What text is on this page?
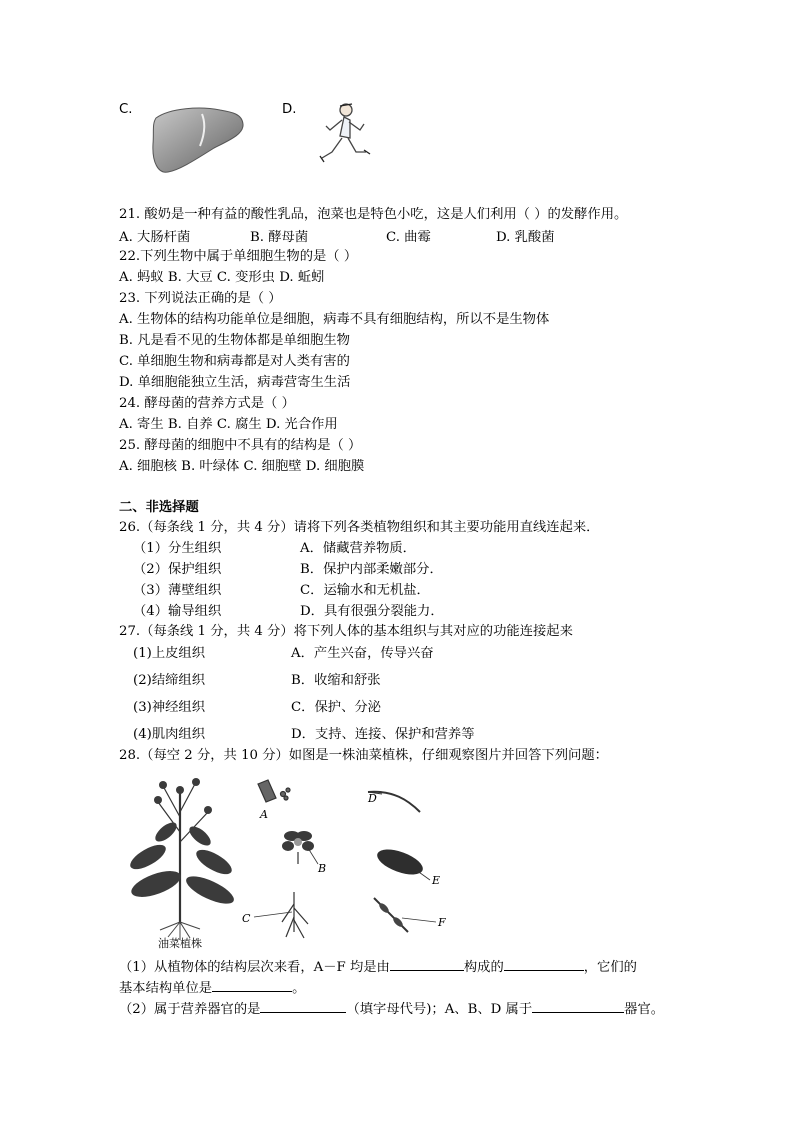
C.	D.
21. 酸奶是一种有益的酸性乳品，泡菜也是特色小吃，这是人们利用（ ）的发酵作用。
A. 大肠杆菌	B. 酵母菌	C. 曲霉	D. 乳酸菌
22.下列生物中属于单细胞生物的是（ ）
A. 蚂蚁 B. 大豆 C. 变形虫 D. 蚯蚓
23. 下列说法正确的是（ ）
A. 生物体的结构功能单位是细胞，病毒不具有细胞结构，所以不是生物体
B. 凡是看不见的生物体都是单细胞生物
C. 单细胞生物和病毒都是对人类有害的
D. 单细胞能独立生活，病毒营寄生生活
24. 酵母菌的营养方式是（ ）
A. 寄生 B. 自养 C. 腐生 D. 光合作用
25. 酵母菌的细胞中不具有的结构是（ ）
A. 细胞核 B. 叶绿体 C. 细胞壁 D. 细胞膜
二、非选择题
26.（每条线 1 分，共 4 分）请将下列各类植物组织和其主要功能用直线连起来．
（1）分生组织	A．储藏营养物质．
（2）保护组织	B．保护内部柔嫩部分．
（3）薄壁组织	C．运输水和无机盐．
（4）输导组织	D．具有很强分裂能力．
27.（每条线 1 分，共 4 分）将下列人体的基本组织与其对应的功能连接起来
(1)上皮组织	A．产生兴奋，传导兴奋
(2)结缔组织	B．收缩和舒张
(3)神经组织	C．保护、分泌
(4)肌肉组织	D．支持、连接、保护和营养等
28.（每空 2 分，共 10 分）如图是一株油菜植株，仔细观察图片并回答下列问题：
油菜植株
A
D
B
E
C	F
（1）从植物体的结构层次来看，A－F 均是由	构成的	，它们的
基本结构单位是	。
（2）属于营养器官的是	（填字母代号)；A、B、D 属于	器官。
